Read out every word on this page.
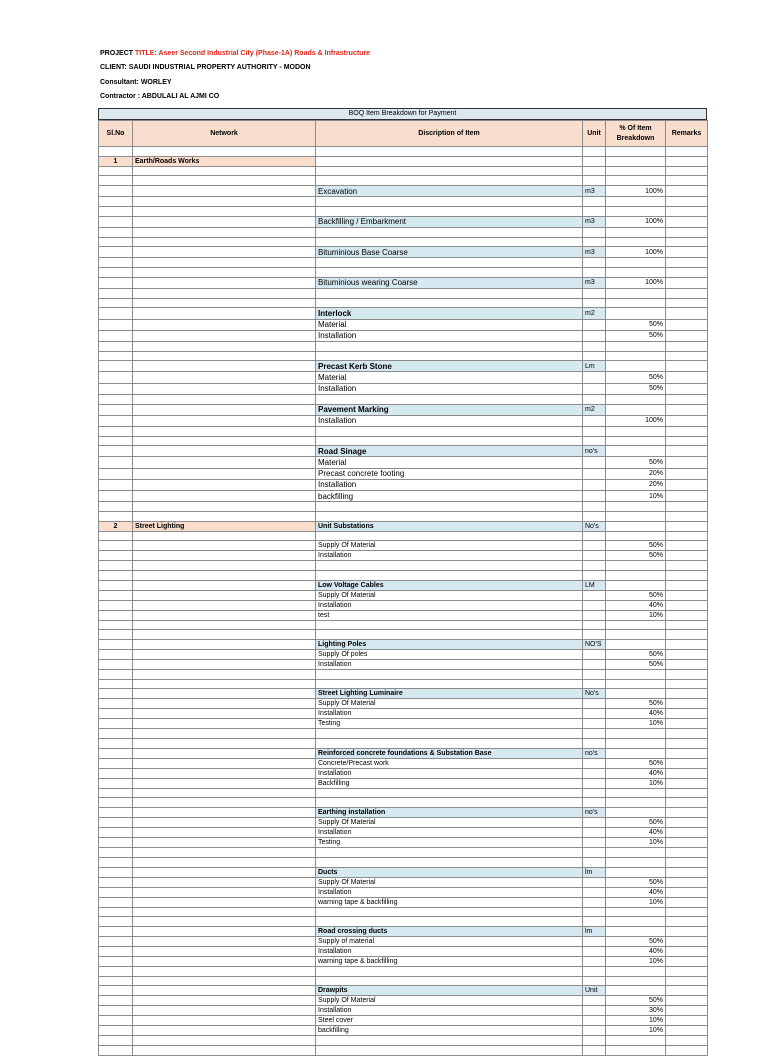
PROJECT TITLE: Aseer Second Industrial City (Phase-1A) Roads & Infrastructure
CLIENT: SAUDI INDUSTRIAL PROPERTY AUTHORITY - MODON
Consultant: WORLEY
Contractor : ABDULALI AL AJMI CO
BOQ Item Breakdown for Payment
Sl.No	Network	Discription of Item	Unit	% Of Item Breakdown	Remarks

1	Earth/Roads Works				

		Excavation	m3	100%	

		Backfilling / Embarkment	m3	100%	

		Bituminious Base Coarse	m3	100%	

		Bituminious wearing Coarse	m3	100%	

		Interlock	m2		
		Material		50%	
		Installation		50%	

		Precast Kerb Stone	Lm		
		Material		50%	
		Installation		50%	

		Pavement Marking	m2		
		Installation		100%	

		Road Sinage	no's		
		Material		50%	
		Precast concrete footing		20%	
		Installation		20%	
		backfilling		10%	

2	Street Lighting	Unit Substations	No's		

		Supply Of Material		50%	
		Installation		50%	

		Low Voltage Cables	LM		
		Supply Of Material		50%	
		Installation		40%	
		test		10%	

		Lighting Poles	NO'S		
		Supply Of poles		50%	
		Installation		50%	

		Street Lighting Luminaire	No's		
		Supply Of Material		50%	
		Installation		40%	
		Testing		10%	

		Reinforced concrete foundations & Substation Base	no's		
		Concrete/Precast work		50%	
		Installation		40%	
		Backfilling		10%	

		Earthing installation	no's		
		Supply Of Material		50%	
		Installation		40%	
		Testing		10%	

		Ducts	lm		
		Supply Of Material		50%	
		Installation		40%	
		warning tape & backfilling		10%	

		Road crossing ducts	lm		
		Supply of material		50%	
		Installation		40%	
		warning tape & backfilling		10%	

		Drawpits	Unit		
		Supply Of Material		50%	
		Installation		30%	
		Steel cover		10%	
		backfilling		10%	
